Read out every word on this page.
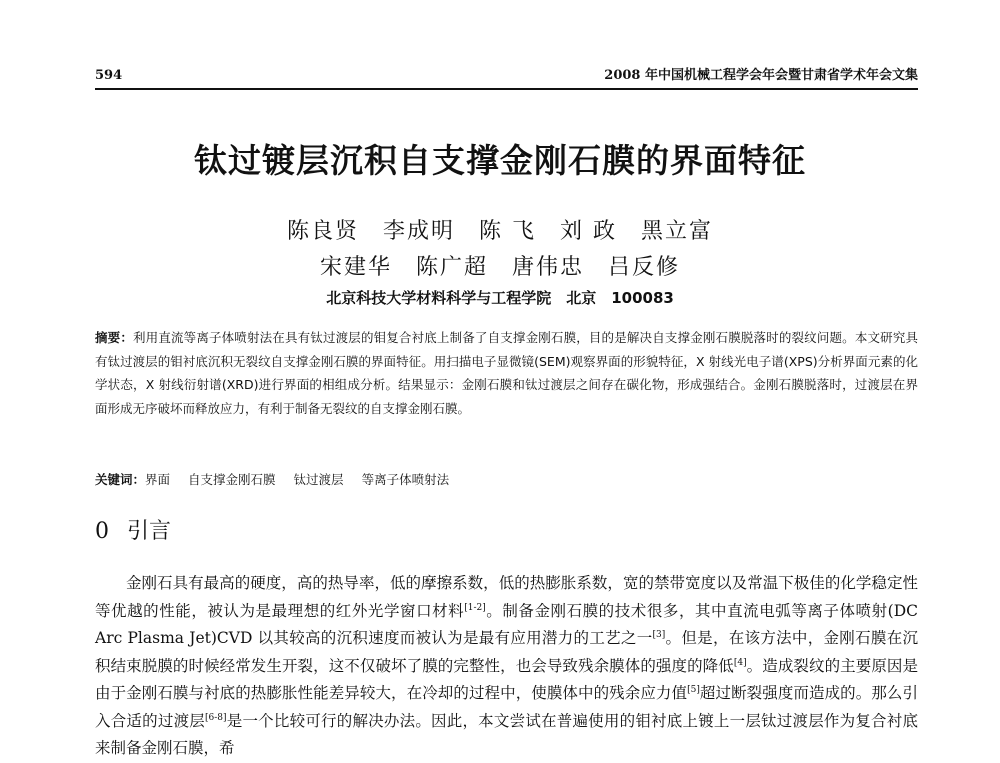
594	2008 年中国机械工程学会年会暨甘肃省学术年会文集
钛过镀层沉积自支撑金刚石膜的界面特征
陈良贤　李成明　陈 飞　刘 政　黑立富
宋建华　陈广超　唐伟忠　吕反修
北京科技大学材料科学与工程学院　北京　100083
摘要：利用直流等离子体喷射法在具有钛过渡层的钼复合衬底上制备了自支撑金刚石膜，目的是解决自支撑金刚石膜脱落时的裂纹问题。本文研究具有钛过渡层的钼衬底沉积无裂纹自支撑金刚石膜的界面特征。用扫描电子显微镜(SEM)观察界面的形貌特征，X 射线光电子谱(XPS)分析界面元素的化学状态，X 射线衍射谱(XRD)进行界面的相组成分析。结果显示：金刚石膜和钛过渡层之间存在碳化物，形成强结合。金刚石膜脱落时，过渡层在界面形成无序破坏而释放应力，有利于制备无裂纹的自支撑金刚石膜。
关键词：界面 自支撑金刚石膜 钛过渡层 等离子体喷射法
0 引言
金刚石具有最高的硬度，高的热导率，低的摩擦系数，低的热膨胀系数，宽的禁带宽度以及常温下极佳的化学稳定性等优越的性能，被认为是最理想的红外光学窗口材料[1-2]。制备金刚石膜的技术很多，其中直流电弧等离子体喷射(DC Arc Plasma Jet)CVD 以其较高的沉积速度而被认为是最有应用潜力的工艺之一[3]。但是，在该方法中，金刚石膜在沉积结束脱膜的时候经常发生开裂，这不仅破坏了膜的完整性，也会导致残余膜体的强度的降低[4]。造成裂纹的主要原因是由于金刚石膜与衬底的热膨胀性能差异较大，在冷却的过程中，使膜体中的残余应力值[5]超过断裂强度而造成的。那么引入合适的过渡层[6-8]是一个比较可行的解决办法。因此，本文尝试在普遍使用的钼衬底上镀上一层钛过渡层作为复合衬底来制备金刚石膜，希
